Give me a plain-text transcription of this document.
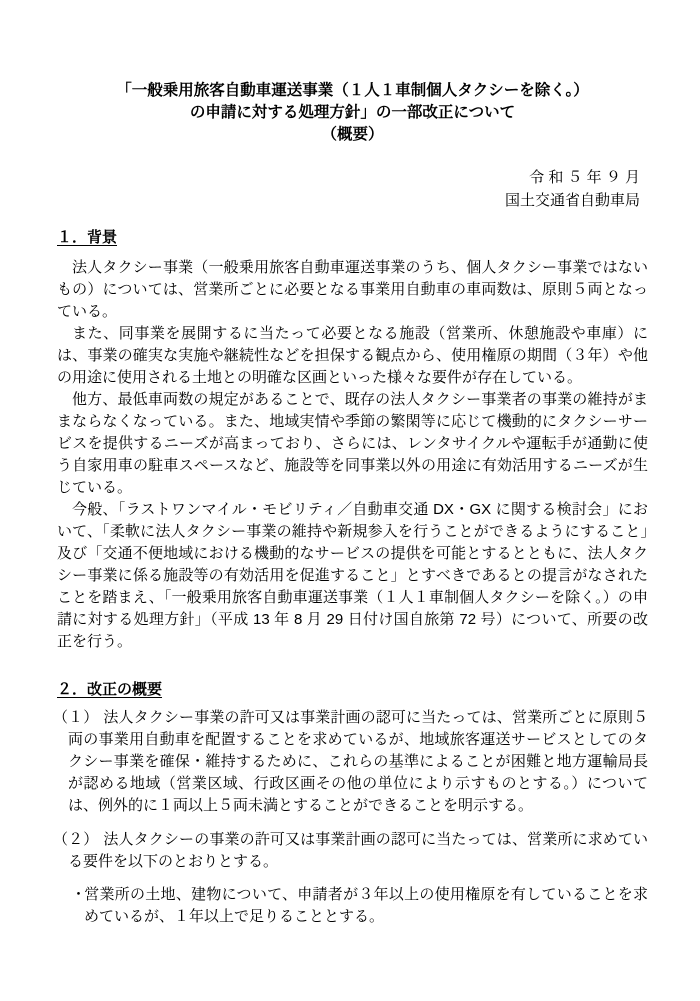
「一般乗用旅客自動車運送事業（１人１車制個人タクシーを除く。）
の申請に対する処理方針」の一部改正について
（概要）
令 和 ５ 年 ９ 月
国土交通省自動車局
１．背景

法人タクシー事業（一般乗用旅客自動車運送事業のうち、個人タクシー事業ではないもの）については、営業所ごとに必要となる事業用自動車の車両数は、原則５両となっている。

また、同事業を展開するに当たって必要となる施設（営業所、休憩施設や車庫）には、事業の確実な実施や継続性などを担保する観点から、使用権原の期間（３年）や他の用途に使用される土地との明確な区画といった様々な要件が存在している。

他方、最低車両数の規定があることで、既存の法人タクシー事業者の事業の維持がままならなくなっている。また、地域実情や季節の繁閑等に応じて機動的にタクシーサービスを提供するニーズが高まっており、さらには、レンタサイクルや運転手が通勤に使う自家用車の駐車スペースなど、施設等を同事業以外の用途に有効活用するニーズが生じている。

今般、「ラストワンマイル・モビリティ／自動車交通 DX・GX に関する検討会」において、「柔軟に法人タクシー事業の維持や新規参入を行うことができるようにすること」及び「交通不便地域における機動的なサービスの提供を可能とするとともに、法人タクシー事業に係る施設等の有効活用を促進すること」とすべきであるとの提言がなされたことを踏まえ、「一般乗用旅客自動車運送事業（１人１車制個人タクシーを除く。）の申請に対する処理方針」（平成 13 年 8 月 29 日付け国自旅第 72 号）について、所要の改正を行う。

２．改正の概要

（１） 法人タクシー事業の許可又は事業計画の認可に当たっては、営業所ごとに原則５両の事業用自動車を配置することを求めているが、地域旅客運送サービスとしてのタクシー事業を確保・維持するために、これらの基準によることが困難と地方運輸局長が認める地域（営業区域、行政区画その他の単位により示すものとする。）については、例外的に１両以上５両未満とすることができることを明示する。

（２） 法人タクシーの事業の許可又は事業計画の認可に当たっては、営業所に求めている要件を以下のとおりとする。

・営業所の土地、建物について、申請者が３年以上の使用権原を有していることを求めているが、１年以上で足りることとする。
